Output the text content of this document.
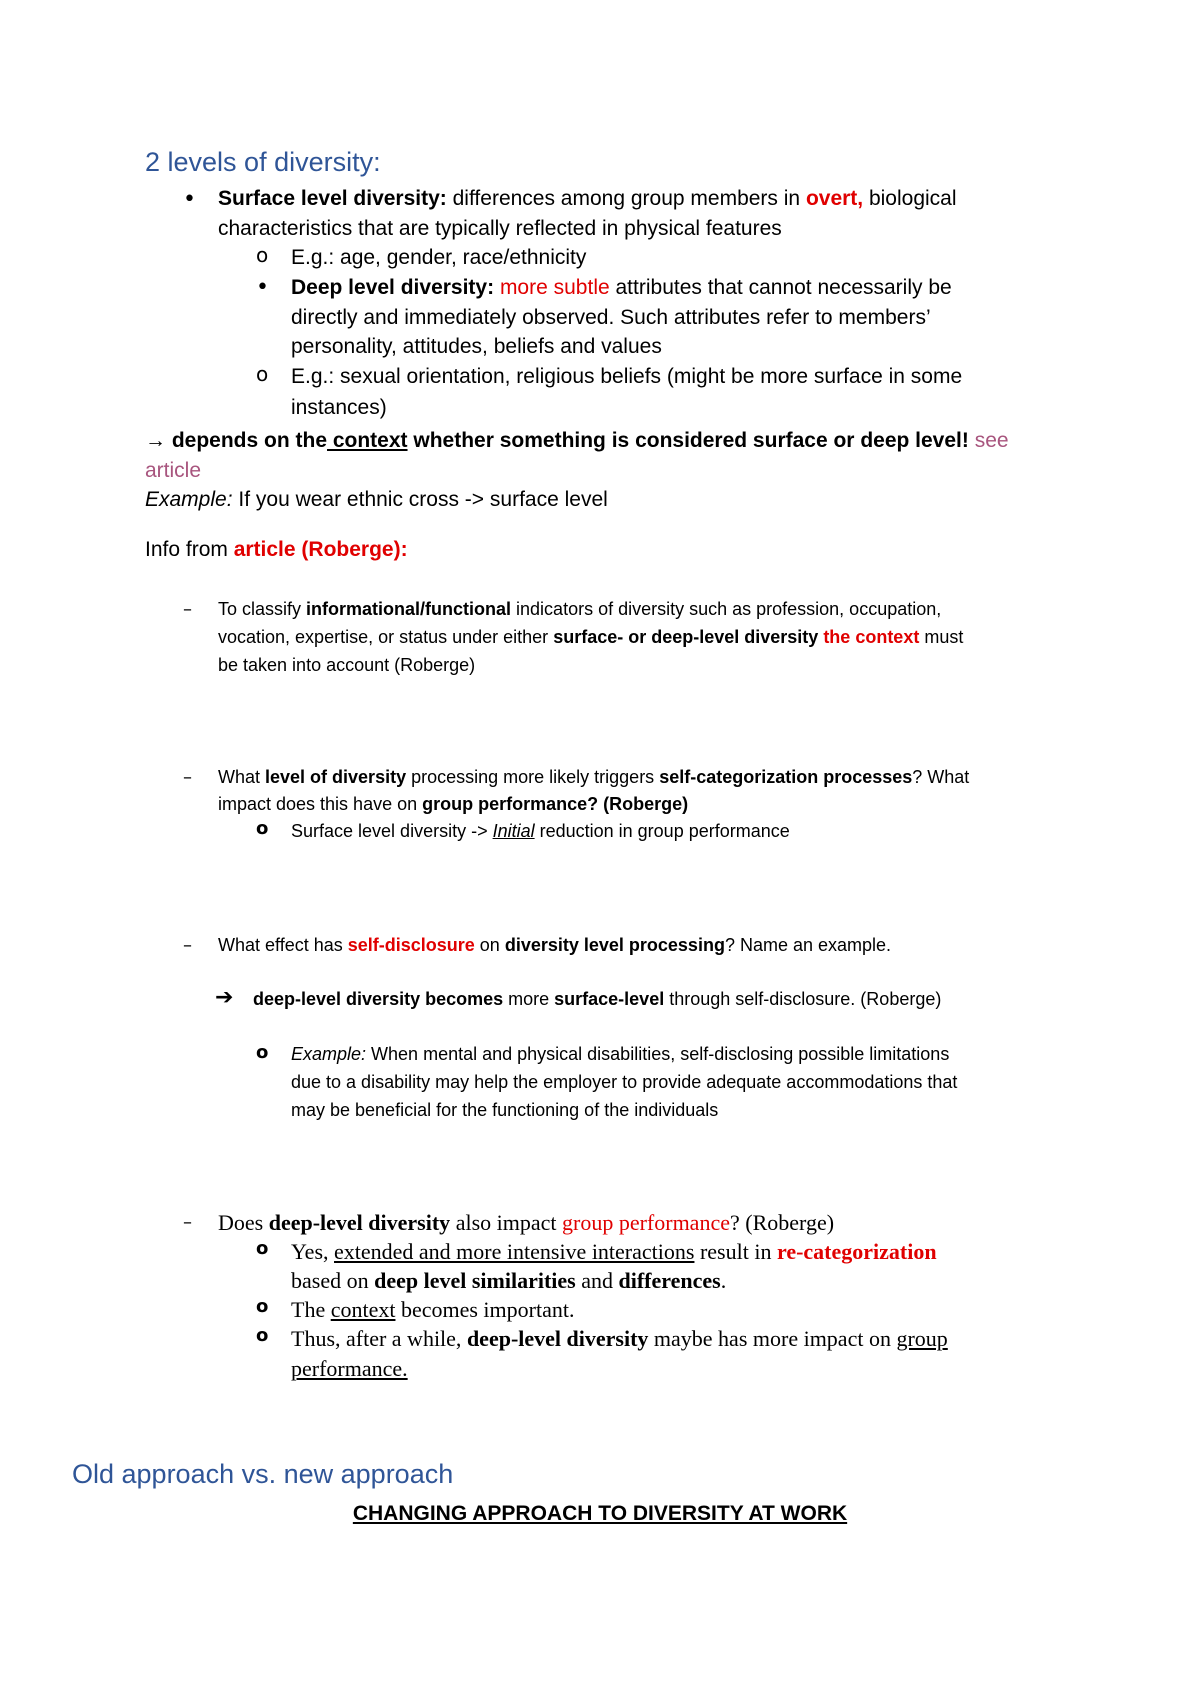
2 levels of diversity:
• Surface level diversity: differences among group members in overt, biological
characteristics that are typically reflected in physical features
o E.g.: age, gender, race/ethnicity
• Deep level diversity: more subtle attributes that cannot necessarily be
directly and immediately observed. Such attributes refer to members’
personality, attitudes, beliefs and values
o E.g.: sexual orientation, religious beliefs (might be more surface in some
instances)
→ depends on the context whether something is considered surface or deep level! see
article
Example: If you wear ethnic cross -> surface level
Info from article (Roberge):
– To classify informational/functional indicators of diversity such as profession, occupation,
vocation, expertise, or status under either surface- or deep-level diversity the context must
be taken into account (Roberge)
– What level of diversity processing more likely triggers self-categorization processes? What
impact does this have on group performance? (Roberge)
o Surface level diversity -> Initial reduction in group performance
– What effect has self-disclosure on diversity level processing? Name an example.
➔ deep-level diversity becomes more surface-level through self-disclosure. (Roberge)
o Example: When mental and physical disabilities, self-disclosing possible limitations
due to a disability may help the employer to provide adequate accommodations that
may be beneficial for the functioning of the individuals
– Does deep-level diversity also impact group performance? (Roberge)
o Yes, extended and more intensive interactions result in re-categorization
based on deep level similarities and differences.
o The context becomes important.
o Thus, after a while, deep-level diversity maybe has more impact on group
performance.
Old approach vs. new approach
CHANGING APPROACH TO DIVERSITY AT WORK
